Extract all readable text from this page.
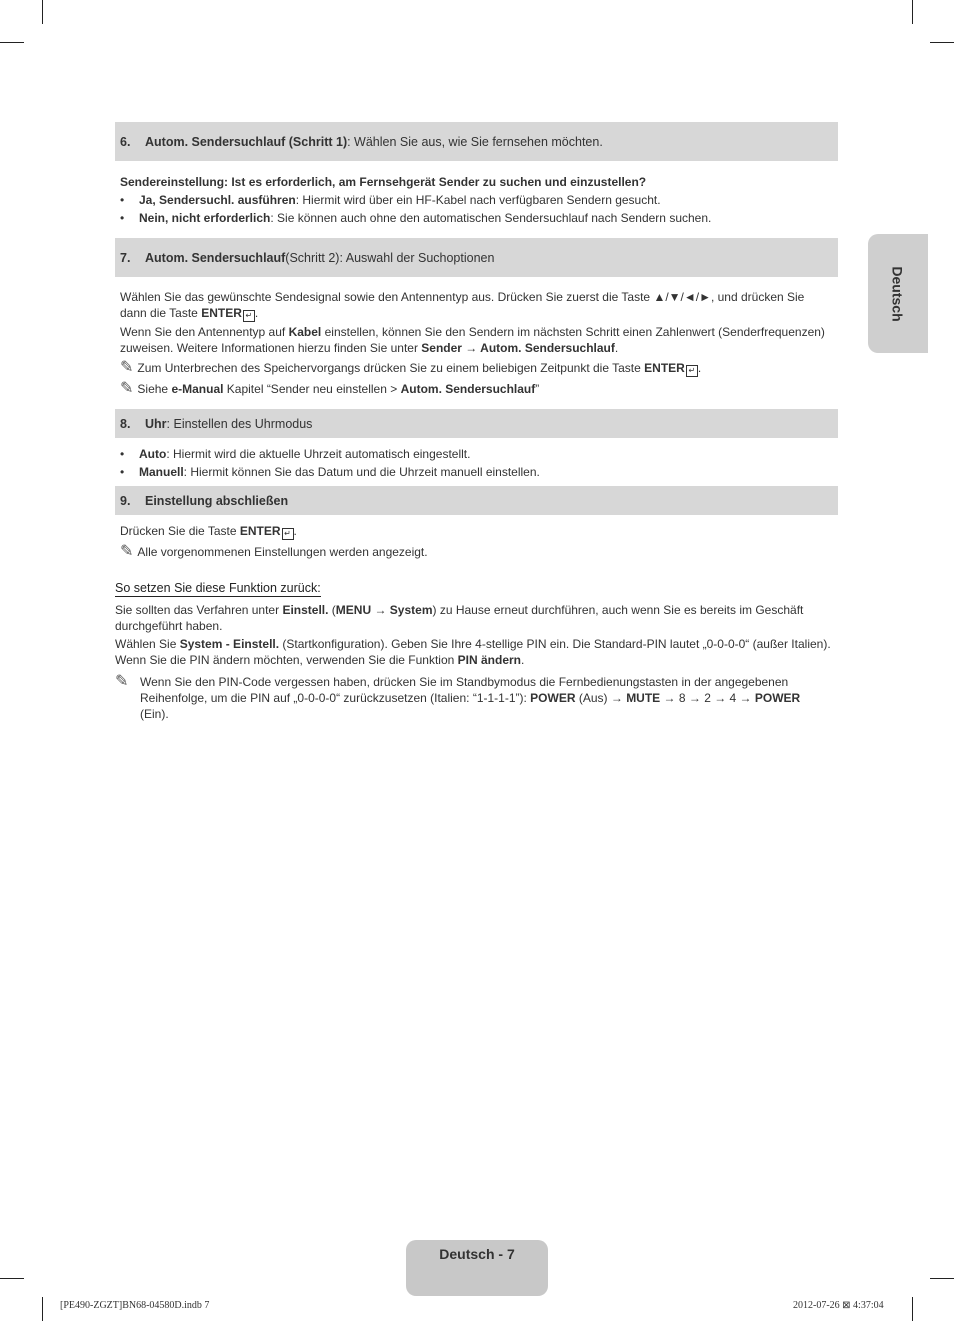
Deutsch
6.	Autom. Sendersuchlauf (Schritt 1) : Wählen Sie aus, wie Sie fernsehen möchten.
Sendereinstellung: Ist es erforderlich, am Fernsehgerät Sender zu suchen und einzustellen?
• Ja, Sendersuchl. ausführen: Hiermit wird über ein HF-Kabel nach verfügbaren Sendern gesucht.
• Nein, nicht erforderlich: Sie können auch ohne den automatischen Sendersuchlauf nach Sendern suchen.
7.	Autom. Sendersuchlauf (Schritt 2): Auswahl der Suchoptionen
Wählen Sie das gewünschte Sendesignal sowie den Antennentyp aus. Drücken Sie zuerst die Taste ▲/▼/◄/►, und drücken Sie
dann die Taste ENTER ↵ .
Wenn Sie den Antennentyp auf Kabel einstellen, können Sie den Sendern im nächsten Schritt einen Zahlenwert (Senderfrequenzen)
zuweisen. Weitere Informationen hierzu finden Sie unter Sender → Autom. Sendersuchlauf.
✎ Zum Unterbrechen des Speichervorgangs drücken Sie zu einem beliebigen Zeitpunkt die Taste ENTER ↵ .
✎ Siehe e-Manual Kapitel “Sender neu einstellen > Autom. Sendersuchlauf”
8.	Uhr : Einstellen des Uhrmodus
• Auto: Hiermit wird die aktuelle Uhrzeit automatisch eingestellt.
• Manuell: Hiermit können Sie das Datum und die Uhrzeit manuell einstellen.
9.	Einstellung abschließen
Drücken Sie die Taste ENTER ↵ .
✎ Alle vorgenommenen Einstellungen werden angezeigt.
So setzen Sie diese Funktion zurück:
Sie sollten das Verfahren unter Einstell. (MENU → System) zu Hause erneut durchführen, auch wenn Sie es bereits im Geschäft
durchgeführt haben.
Wählen Sie System - Einstell. (Startkonfiguration). Geben Sie Ihre 4-stellige PIN ein. Die Standard-PIN lautet „0-0-0-0“ (außer Italien).
Wenn Sie die PIN ändern möchten, verwenden Sie die Funktion PIN ändern.
✎ Wenn Sie den PIN-Code vergessen haben, drücken Sie im Standbymodus die Fernbedienungstasten in der angegebenen
Reihenfolge, um die PIN auf „0-0-0-0“ zurückzusetzen (Italien: “1-1-1-1”): POWER (Aus) → MUTE → 8 → 2 → 4 → POWER
(Ein).
Deutsch - 7
[PE490-ZGZT]BN68-04580D.indb 7	2012-07-26 ⊠ 4:37:04
